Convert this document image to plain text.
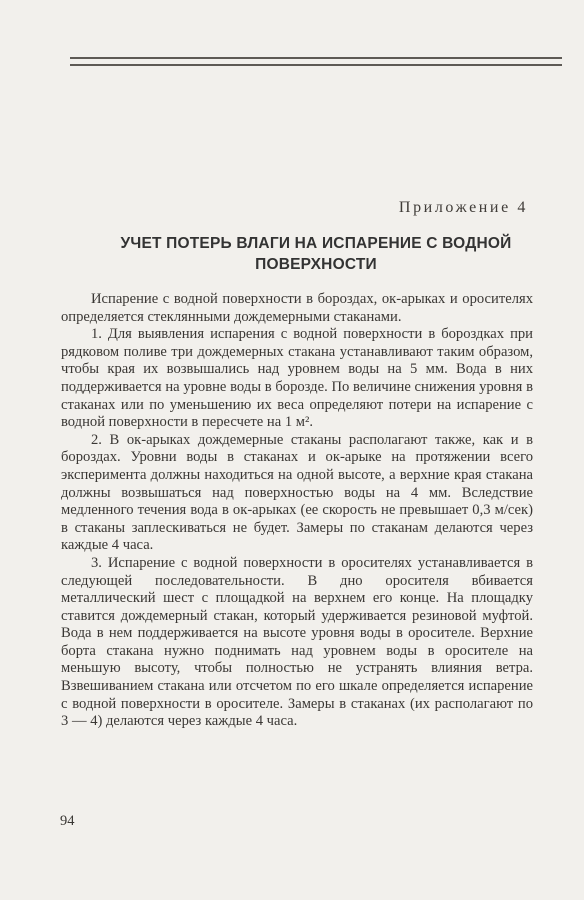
Приложение 4
УЧЕТ ПОТЕРЬ ВЛАГИ НА ИСПАРЕНИЕ С ВОДНОЙ
ПОВЕРХНОСТИ

Испарение с водной поверхности в бороздах, ок-арыках и оросителях определяется стеклянными дождемерными стаканами.

1. Для выявления испарения с водной поверхности в бороздках при рядковом поливе три дождемерных стакана устанавливают таким образом, чтобы края их возвышались над уровнем воды на 5 мм. Вода в них поддерживается на уровне воды в борозде. По величине снижения уровня в стаканах или по уменьшению их веса определяют потери на испарение с водной поверхности в пересчете на 1 м².

2. В ок-арыках дождемерные стаканы располагают также, как и в бороздах. Уровни воды в стаканах и ок-арыке на протяжении всего эксперимента должны находиться на одной высоте, а верхние края стакана должны возвышаться над поверхностью воды на 4 мм. Вследствие медленного течения вода в ок-арыках (ее скорость не превышает 0,3 м/сек) в стаканы заплескиваться не будет. Замеры по стаканам делаются через каждые 4 часа.

3. Испарение с водной поверхности в оросителях устанавливается в следующей последовательности. В дно оросителя вбивается металлический шест с площадкой на верхнем его конце. На площадку ставится дождемерный стакан, который удерживается резиновой муфтой. Вода в нем поддерживается на высоте уровня воды в оросителе. Верхние борта стакана нужно поднимать над уровнем воды в оросителе на меньшую высоту, чтобы полностью не устранять влияния ветра. Взвешиванием стакана или отсчетом по его шкале определяется испарение с водной поверхности в оросителе. Замеры в стаканах (их располагают по 3 — 4) делаются через каждые 4 часа.

94
